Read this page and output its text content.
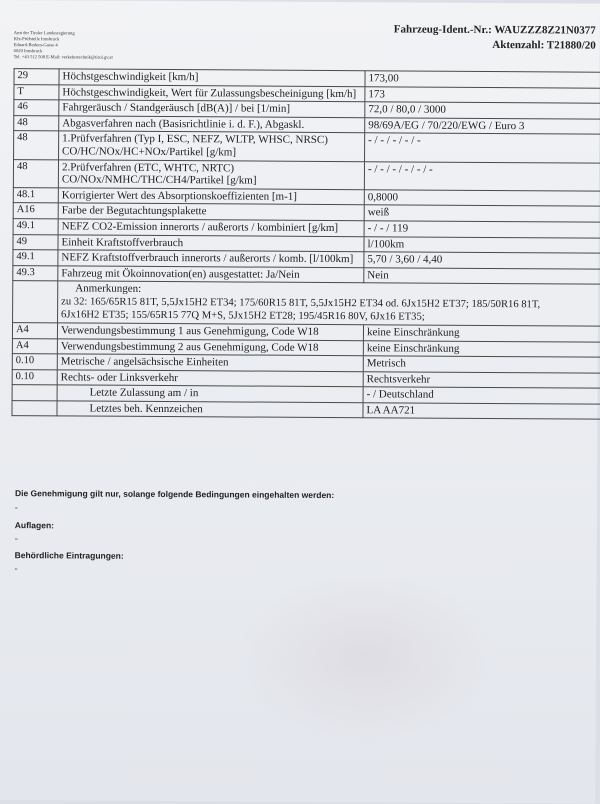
Amt der Tiroler Landesregierung
Kfz-Prüfstelle Innsbruck
Eduard-Bodem-Gasse 4
6020 Innsbruck
Tel. +43 512 508 E-Mail: verkehrstechnik@tirol.gv.at
Fahrzeug-Ident.-Nr.: WAUZZZ8Z21N0377
Aktenzahl: T21880/20
29	Höchstgeschwindigkeit [km/h]	173,00
T	Höchstgeschwindigkeit, Wert für Zulassungsbescheinigung [km/h]	173
46	Fahrgeräusch / Standgeräusch [dB(A)] / bei [1/min]	72,0 / 80,0 / 3000
48	Abgasverfahren nach (Basisrichtlinie i. d. F.), Abgaskl.	98/69A/EG / 70/220/EWG / Euro 3
48	1.Prüfverfahren (Typ I, ESC, NEFZ, WLTP, WHSC, NRSC) CO/HC/NOx/HC+NOx/Partikel [g/km]	- / - / - / - / -
48	2.Prüfverfahren (ETC, WHTC, NRTC) CO/NOx/NMHC/THC/CH4/Partikel [g/km]	- / - / - / - / - / -
48.1	Korrigierter Wert des Absorptionskoeffizienten [m-1]	0,8000
A16	Farbe der Begutachtungsplakette	weiß
49.1	NEFZ CO2-Emission innerorts / außerorts / kombiniert [g/km]	- / - / 119
49	Einheit Kraftstoffverbrauch	l/100km
49.1	NEFZ Kraftstoffverbrauch innerorts / außerorts / komb. [l/100km]	5,70 / 3,60 / 4,40
49.3	Fahrzeug mit Ökoinnovation(en) ausgestattet: Ja/Nein	Nein

	Anmerkungen:
zu 32: 165/65R15 81T, 5,5Jx15H2 ET34; 175/60R15 81T, 5,5Jx15H2 ET34 od. 6Jx15H2 ET37; 185/50R16 81T,
6Jx16H2 ET35; 155/65R15 77Q M+S, 5Jx15H2 ET28; 195/45R16 80V, 6Jx16 ET35;	

A4	Verwendungsbestimmung 1 aus Genehmigung, Code W18	keine Einschränkung
A4	Verwendungsbestimmung 2 aus Genehmigung, Code W18	keine Einschränkung
0.10	Metrische / angelsächsische Einheiten	Metrisch
0.10	Rechts- oder Linksverkehr	Rechtsverkehr
	Letzte Zulassung am / in	- / Deutschland
	Letztes beh. Kennzeichen	LA AA721
Die Genehmigung gilt nur, solange folgende Bedingungen eingehalten werden:
-
Auflagen:
-
Behördliche Eintragungen:
-
